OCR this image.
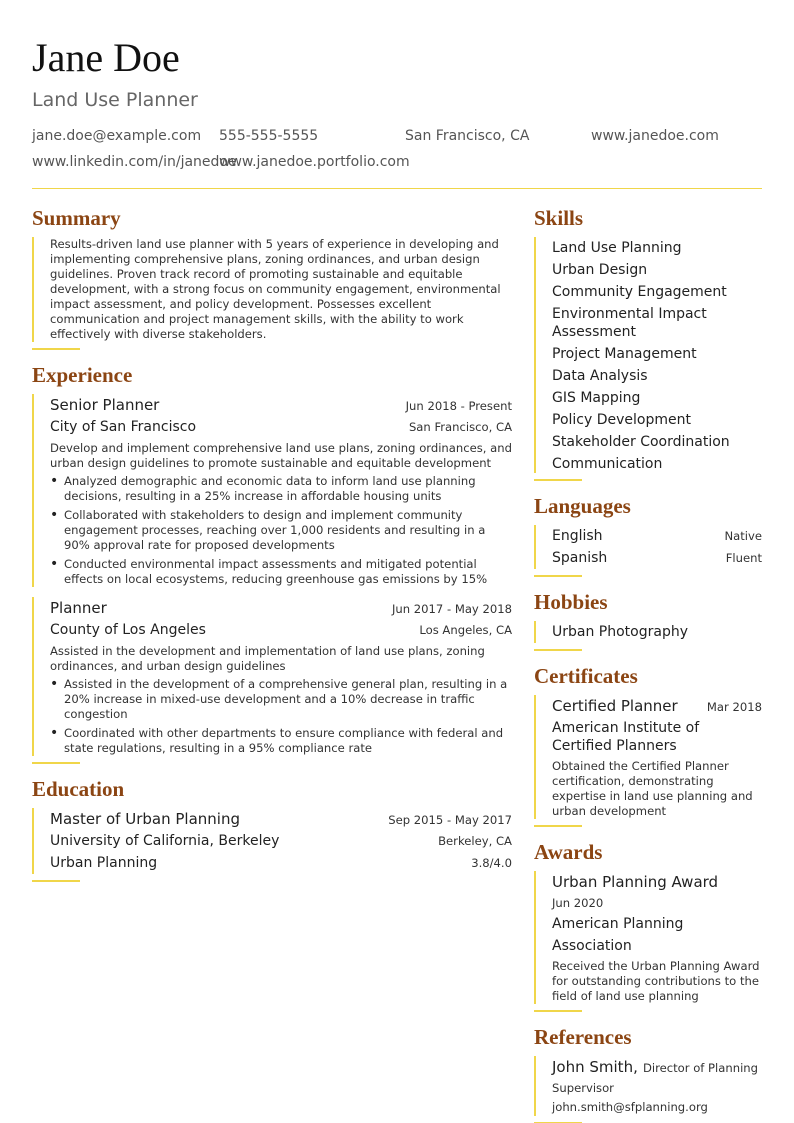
Jane Doe
Land Use Planner
jane.doe@example.com 555-555-5555	San Francisco, CA	www.janedoe.com
www.linkedin.com/in/janedoe
www.janedoe.portfolio.com
Summary
Results-driven land use planner with 5 years of experience in developing and implementing comprehensive plans, zoning ordinances, and urban design guidelines. Proven track record of promoting sustainable and equitable development, with a strong focus on community engagement, environmental impact assessment, and policy development. Possesses excellent communication and project management skills, with the ability to work effectively with diverse stakeholders.
Experience
Senior Planner	Jun 2018 - Present
City of San Francisco	San Francisco, CA
Develop and implement comprehensive land use plans, zoning ordinances, and urban design guidelines to promote sustainable and equitable development
• Analyzed demographic and economic data to inform land use planning decisions, resulting in a 25% increase in affordable housing units
• Collaborated with stakeholders to design and implement community engagement processes, reaching over 1,000 residents and resulting in a 90% approval rate for proposed developments
• Conducted environmental impact assessments and mitigated potential effects on local ecosystems, reducing greenhouse gas emissions by 15%
Planner	Jun 2017 - May 2018
County of Los Angeles	Los Angeles, CA
Assisted in the development and implementation of land use plans, zoning ordinances, and urban design guidelines
• Assisted in the development of a comprehensive general plan, resulting in a 20% increase in mixed-use development and a 10% decrease in traffic congestion
• Coordinated with other departments to ensure compliance with federal and state regulations, resulting in a 95% compliance rate
Education
Master of Urban Planning	Sep 2015 - May 2017
University of California, Berkeley	Berkeley, CA
Urban Planning	3.8/4.0
Skills
Land Use Planning
Urban Design
Community Engagement
Environmental Impact Assessment
Project Management
Data Analysis
GIS Mapping
Policy Development
Stakeholder Coordination
Communication
Languages
English	Native
Spanish	Fluent
Hobbies
Urban Photography
Certificates
Certified Planner	Mar 2018
American Institute of Certified Planners
Obtained the Certified Planner certification, demonstrating expertise in land use planning and urban development
Awards
Urban Planning Award
Jun 2020
American Planning Association
Received the Urban Planning Award for outstanding contributions to the field of land use planning
References
John Smith, Director of Planning
Supervisor
john.smith@sfplanning.org
